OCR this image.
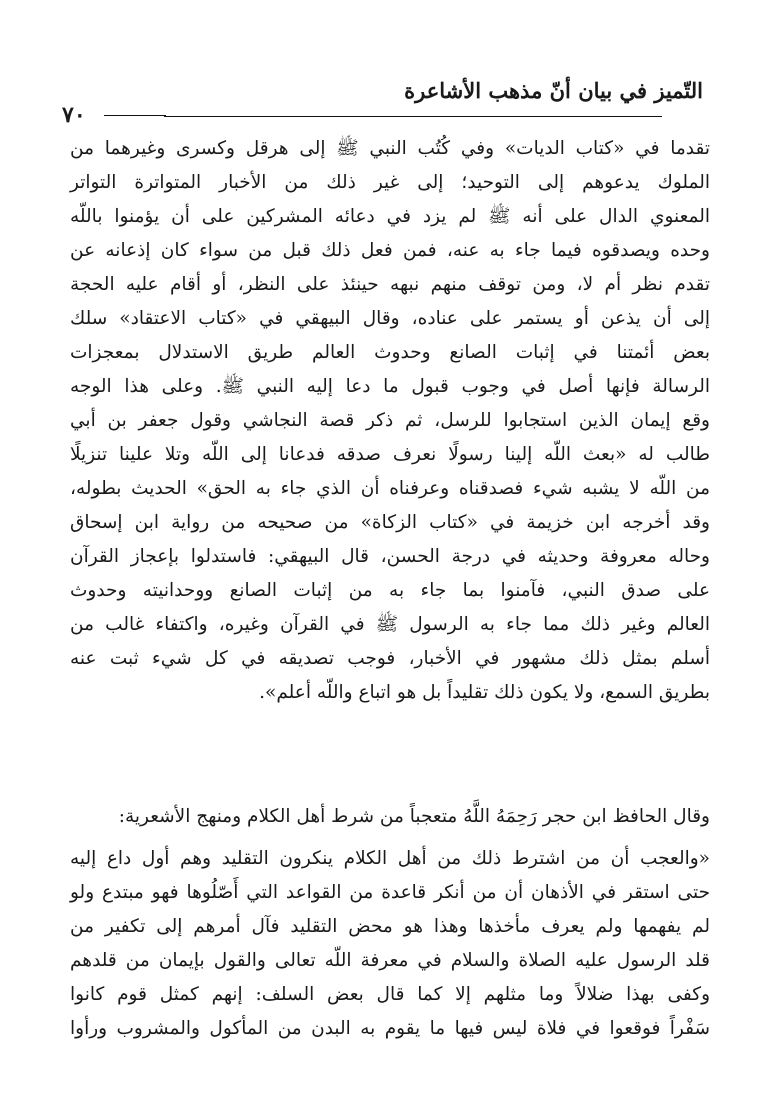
التّميز في بيان أنّ مذهب الأشاعرة
٧٠

تقدما في «كتاب الديات» وفي كُتُب النبي ﷺ إلى هرقل وكسرى وغيرهما من

الملوك يدعوهم إلى التوحيد؛ إلى غير ذلك من الأخبار المتواترة التواتر

المعنوي الدال على أنه ﷺ لم يزد في دعائه المشركين على أن يؤمنوا باللّه

وحده ويصدقوه فيما جاء به عنه، فمن فعل ذلك قبل من سواء كان إذعانه عن

تقدم نظر أم لا، ومن توقف منهم نبهه حينئذ على النظر، أو أقام عليه الحجة

إلى أن يذعن أو يستمر على عناده، وقال البيهقي في «كتاب الاعتقاد» سلك

بعض أئمتنا في إثبات الصانع وحدوث العالم طريق الاستدلال بمعجزات

الرسالة فإنها أصل في وجوب قبول ما دعا إليه النبي ﷺ. وعلى هذا الوجه

وقع إيمان الذين استجابوا للرسل، ثم ذكر قصة النجاشي وقول جعفر بن أبي

طالب له «بعث اللّه إلينا رسولًا نعرف صدقه فدعانا إلى اللّه وتلا علينا تنزيلًا

من اللّه لا يشبه شيء فصدقناه وعرفناه أن الذي جاء به الحق» الحديث بطوله،

وقد أخرجه ابن خزيمة في «كتاب الزكاة» من صحيحه من رواية ابن إسحاق

وحاله معروفة وحديثه في درجة الحسن، قال البيهقي: فاستدلوا بإعجاز القرآن

على صدق النبي، فآمنوا بما جاء به من إثبات الصانع ووحدانيته وحدوث

العالم وغير ذلك مما جاء به الرسول ﷺ في القرآن وغيره، واكتفاء غالب من

أسلم بمثل ذلك مشهور في الأخبار، فوجب تصديقه في كل شيء ثبت عنه

بطريق السمع، ولا يكون ذلك تقليداً بل هو اتباع واللّه أعلم».

وقال الحافظ ابن حجر رَحِمَهُ اللَّهُ متعجباً من شرط أهل الكلام ومنهج الأشعرية:

«والعجب أن من اشترط ذلك من أهل الكلام ينكرون التقليد وهم أول داع إليه

حتى استقر في الأذهان أن من أنكر قاعدة من القواعد التي أَصّلُوها فهو مبتدع ولو

لم يفهمها ولم يعرف مأخذها وهذا هو محض التقليد فآل أمرهم إلى تكفير من

قلد الرسول عليه الصلاة والسلام في معرفة اللّه تعالى والقول بإيمان من قلدهم

وكفى بهذا ضلالاً وما مثلهم إلا كما قال بعض السلف: إنهم كمثل قوم كانوا

سَفْراً فوقعوا في فلاة ليس فيها ما يقوم به البدن من المأكول والمشروب ورأوا
